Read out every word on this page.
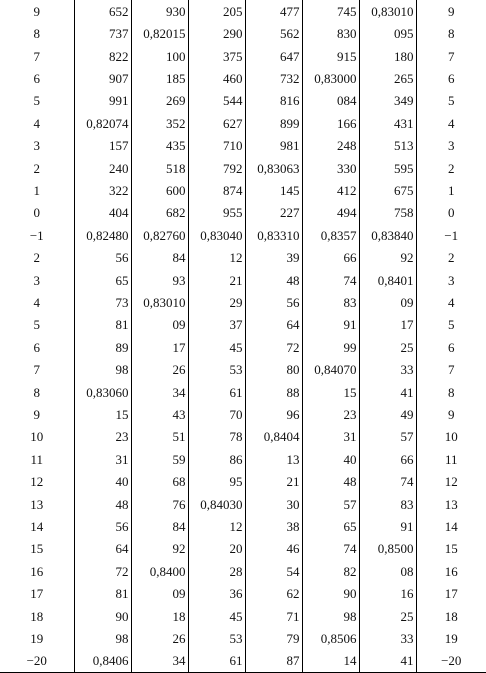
9	652	930	205	477	745	0,83010	9
8	737	0,82015	290	562	830	095	8
7	822	100	375	647	915	180	7
6	907	185	460	732	0,83000	265	6
5	991	269	544	816	084	349	5
4	0,82074	352	627	899	166	431	4
3	157	435	710	981	248	513	3
2	240	518	792	0,83063	330	595	2
1	322	600	874	145	412	675	1
0	404	682	955	227	494	758	0
−1	0,82480	0,82760	0,83040	0,83310	0,8357	0,83840	−1
2	56	84	12	39	66	92	2
3	65	93	21	48	74	0,8401	3
4	73	0,83010	29	56	83	09	4
5	81	09	37	64	91	17	5
6	89	17	45	72	99	25	6
7	98	26	53	80	0,84070	33	7
8	0,83060	34	61	88	15	41	8
9	15	43	70	96	23	49	9
10	23	51	78	0,8404	31	57	10
11	31	59	86	13	40	66	11
12	40	68	95	21	48	74	12
13	48	76	0,84030	30	57	83	13
14	56	84	12	38	65	91	14
15	64	92	20	46	74	0,8500	15
16	72	0,8400	28	54	82	08	16
17	81	09	36	62	90	16	17
18	90	18	45	71	98	25	18
19	98	26	53	79	0,8506	33	19
−20	0,8406	34	61	87	14	41	−20
